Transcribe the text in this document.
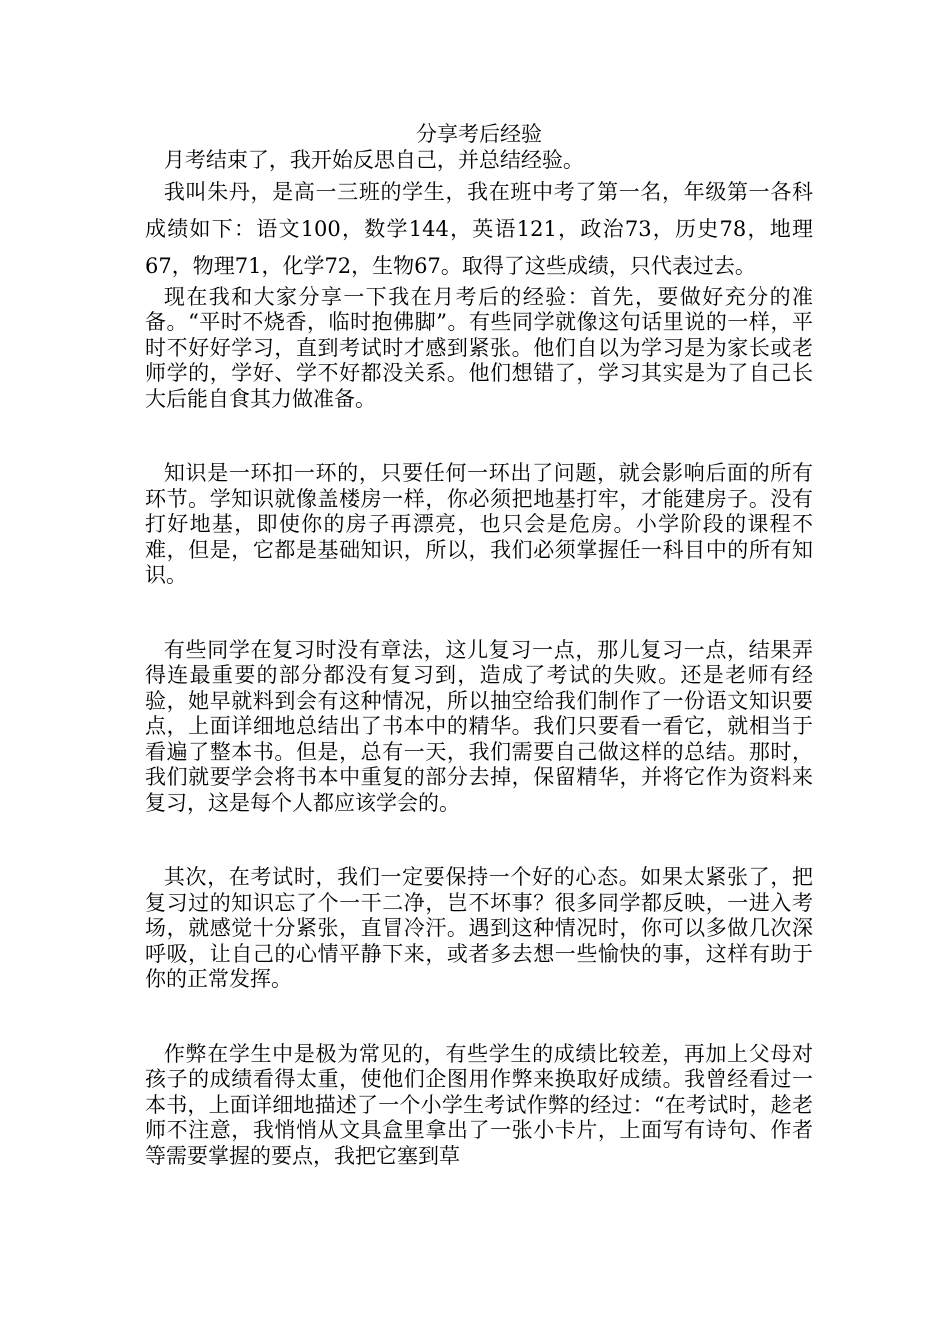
分享考后经验

月考结束了，我开始反思自己，并总结经验。

我叫朱丹，是高一三班的学生，我在班中考了第一名，年级第一各科成绩如下：语文100，数学144，英语121，政治73，历史78，地理67，物理71，化学72，生物67。取得了这些成绩，只代表过去。

现在我和大家分享一下我在月考后的经验：首先，要做好充分的准备。“平时不烧香，临时抱佛脚”。有些同学就像这句话里说的一样，平时不好好学习，直到考试时才感到紧张。他们自以为学习是为家长或老师学的，学好、学不好都没关系。他们想错了，学习其实是为了自己长大后能自食其力做准备。

知识是一环扣一环的，只要任何一环出了问题，就会影响后面的所有环节。学知识就像盖楼房一样，你必须把地基打牢，才能建房子。没有打好地基，即使你的房子再漂亮，也只会是危房。小学阶段的课程不难，但是，它都是基础知识，所以，我们必须掌握任一科目中的所有知识。

有些同学在复习时没有章法，这儿复习一点，那儿复习一点，结果弄得连最重要的部分都没有复习到，造成了考试的失败。还是老师有经验，她早就料到会有这种情况，所以抽空给我们制作了一份语文知识要点，上面详细地总结出了书本中的精华。我们只要看一看它，就相当于看遍了整本书。但是，总有一天，我们需要自己做这样的总结。那时，我们就要学会将书本中重复的部分去掉，保留精华，并将它作为资料来复习，这是每个人都应该学会的。

其次，在考试时，我们一定要保持一个好的心态。如果太紧张了，把复习过的知识忘了个一干二净，岂不坏事？很多同学都反映，一进入考场，就感觉十分紧张，直冒冷汗。遇到这种情况时，你可以多做几次深呼吸，让自己的心情平静下来，或者多去想一些愉快的事，这样有助于你的正常发挥。

作弊在学生中是极为常见的，有些学生的成绩比较差，再加上父母对孩子的成绩看得太重，使他们企图用作弊来换取好成绩。我曾经看过一本书，上面详细地描述了一个小学生考试作弊的经过：“在考试时，趁老师不注意，我悄悄从文具盒里拿出了一张小卡片，上面写有诗句、作者等需要掌握的要点，我把它塞到草
